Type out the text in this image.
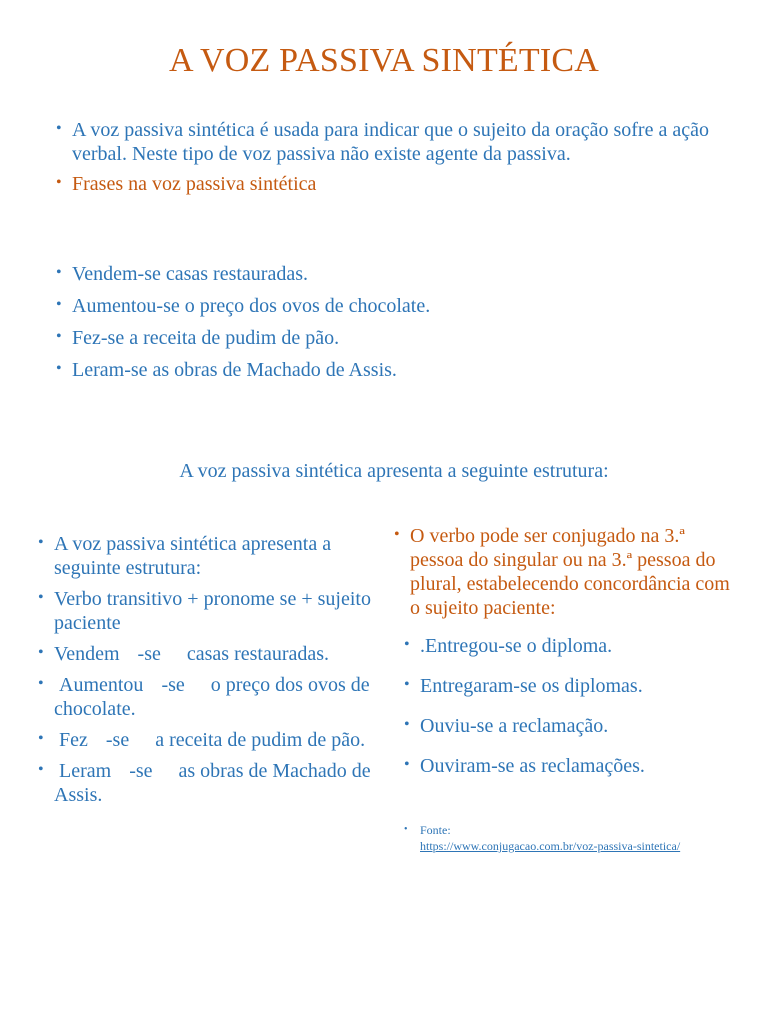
A VOZ PASSIVA SINTÉTICA
• A voz passiva sintética é usada para indicar que o sujeito da oração sofre a ação verbal. Neste tipo de voz passiva não existe agente da passiva.
• Frases na voz passiva sintética
• Vendem-se casas restauradas.
• Aumentou-se o preço dos ovos de chocolate.
• Fez-se a receita de pudim de pão.
• Leram-se as obras de Machado de Assis.
A voz passiva sintética apresenta a seguinte estrutura:
• A voz passiva sintética apresenta a seguinte estrutura:
• Verbo transitivo + pronome se + sujeito paciente
• Vendem -se casas restauradas.
• Aumentou -se o preço dos ovos de chocolate.
• Fez -se a receita de pudim de pão.
• Leram -se as obras de Machado de Assis.
• O verbo pode ser conjugado na 3.ª pessoa do singular ou na 3.ª pessoa do plural, estabelecendo concordância com o sujeito paciente:
• .Entregou-se o diploma.
• Entregaram-se os diplomas.
• Ouviu-se a reclamação.
• Ouviram-se as reclamações.
• Fonte:
https://www.conjugacao.com.br/voz-passiva-sintetica/
